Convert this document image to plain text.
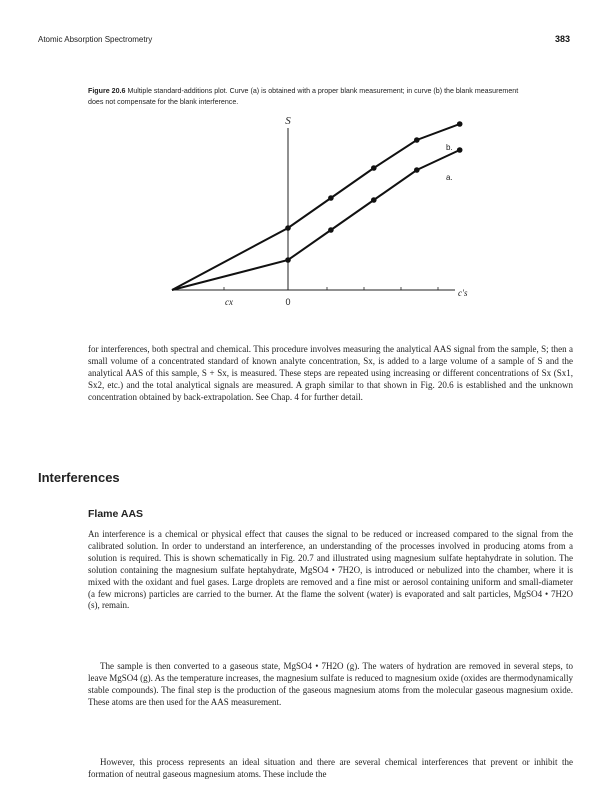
Atomic Absorption Spectrometry	383
Figure 20.6 Multiple standard-additions plot. Curve (a) is obtained with a proper blank measurement; in curve (b) the blank measurement does not compensate for the blank interference.
S
c′s
0
cx
b.
a.

for interferences, both spectral and chemical. This procedure involves measuring the analytical AAS signal from the sample, S; then a small volume of a concentrated standard of known analyte concentration, Sx, is added to a large volume of a sample of S and the analytical AAS of this sample, S + Sx, is measured. These steps are repeated using increasing or different concentrations of Sx (Sx1, Sx2, etc.) and the total analytical signals are measured. A graph similar to that shown in Fig. 20.6 is established and the unknown concentration obtained by back-extrapolation. See Chap. 4 for further detail.

Interferences
Flame AAS

An interference is a chemical or physical effect that causes the signal to be reduced or increased compared to the signal from the calibrated solution. In order to understand an interference, an understanding of the processes involved in producing atoms from a solution is required. This is shown schematically in Fig. 20.7 and illustrated using magnesium sulfate heptahydrate in solution. The solution containing the magnesium sulfate heptahydrate, MgSO4 • 7H2O, is introduced or nebulized into the chamber, where it is mixed with the oxidant and fuel gases. Large droplets are removed and a fine mist or aerosol containing uniform and small-diameter (a few microns) particles are carried to the burner. At the flame the solvent (water) is evaporated and salt particles, MgSO4 • 7H2O (s), remain.

The sample is then converted to a gaseous state, MgSO4 • 7H2O (g). The waters of hydration are removed in several steps, to leave MgSO4 (g). As the temperature increases, the magnesium sulfate is reduced to magnesium oxide (oxides are thermodynamically stable compounds). The final step is the production of the gaseous magnesium atoms from the molecular gaseous magnesium oxide. These atoms are then used for the AAS measurement.

However, this process represents an ideal situation and there are several chemical interferences that prevent or inhibit the formation of neutral gaseous magnesium atoms. These include the
